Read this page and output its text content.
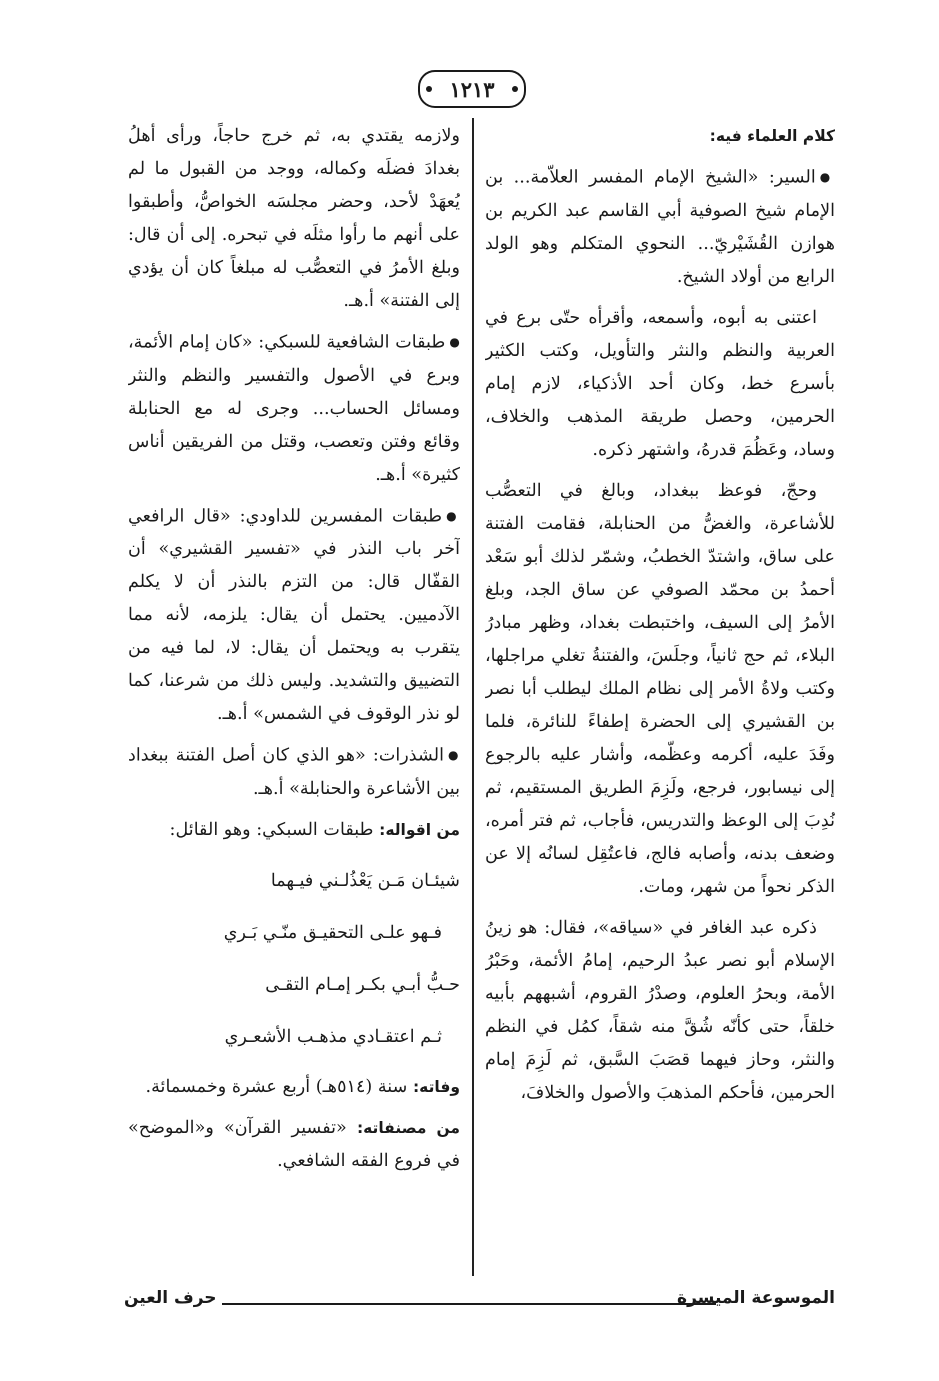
١٢١٣

كلام العلماء فيه:

●السير: «الشيخ الإمام المفسر العلاّمة... بن الإمام شيخ الصوفية أبي القاسم عبد الكريم بن هوازن القُشَيْريّ... النحوي المتكلم وهو الولد الرابع من أولاد الشيخ.

اعتنى به أبوه، وأسمعه، وأقرأه حتّى برع في العربية والنظم والنثر والتأويل، وكتب الكثير بأسرع خط، وكان أحد الأذكياء، لازم إمام الحرمين، وحصل طريقة المذهب والخلاف، وساد، وعَظُمَ قدرهُ، واشتهر ذكره.

وحجّ، فوعظ ببغداد، وبالغ في التعصُّب للأشاعرة، والغضُّ من الحنابلة، فقامت الفتنة على ساق، واشتدّ الخطبُ، وشمّر لذلك أبو سَعْد أحمدُ بن محمّد الصوفي عن ساق الجد، وبلغ الأمرُ إلى السيف، واختبطت بغداد، وظهر مبادرُ البلاء، ثم حج ثانياً، وجلَسَ، والفتنةُ تغلي مراجلها، وكتب ولاةُ الأمر إلى نظام الملك ليطلب أبا نصر بن القشيري إلى الحضرة إطفاءً للنائرة، فلما وفَدَ عليه، أكرمه وعظّمه، وأشار عليه بالرجوع إلى نيسابور، فرجع، ولَزِمَ الطريق المستقيم، ثم نُدِبَ إلى الوعظ والتدريس، فأجاب، ثم فتر أمره، وضعف بدنه، وأصابه فالج، فاعتُقِل لسانُه إلا عن الذكر نحواً من شهر، ومات.

ذكره عبد الغافر في «سياقه»، فقال: هو زينُ الإسلام أبو نصر عبدُ الرحيم، إمامُ الأئمة، وحَبْرُ الأمة، وبحرُ العلوم، وصدْرُ القروم، أشبههم بأبيه خلقاً، حتى كأنّه شُقَّ منه شقاً، كمُل في النظم والنثر، وحاز فيهما قصَبَ السَّبق، ثم لَزِمَ إمام الحرمين، فأحكم المذهبَ والأصول والخلافَ،

ولازمه يقتدي به، ثم خرج حاجاً، ورأى أهلُ بغدادَ فضلَه وكماله، ووجد من القبول ما لم يُعهَدْ لأحد، وحضر مجلسَه الخواصُّ، وأطبقوا على أنهم ما رأوا مثلَه في تبحره. إلى أن قال: وبلغ الأمرُ في التعصُّب له مبلغاً كان أن يؤدي إلى الفتنة» أ.هـ.

●طبقات الشافعية للسبكي: «كان إمام الأئمة، وبرع في الأصول والتفسير والنظم والنثر ومسائل الحساب... وجرى له مع الحنابلة وقائع وفتن وتعصب، وقتل من الفريقين أناس كثيرة» أ.هـ.

●طبقات المفسرين للداودي: «قال الرافعي آخر باب النذر في «تفسير القشيري» أن القفّال قال: من التزم بالنذر أن لا يكلم الآدميين. يحتمل أن يقال: يلزمه، لأنه مما يتقرب به ويحتمل أن يقال: لا، لما فيه من التضييق والتشديد. وليس ذلك من شرعنا، كما لو نذر الوقوف في الشمس» أ.هـ.

●الشذرات: «هو الذي كان أصل الفتنة ببغداد بين الأشاعرة والحنابلة» أ.هـ.

من اقواله: طبقات السبكي: وهو القائل:

شيئـان مَـن يَعْذُلـني فيـهما
فـهو علـى التحقيـق منّـي بَـري
حـبُّ أبـي بكـر إمـام التقـى
ثـم اعتقـادي مذهـب الأشعـري

وفاته: سنة (٥١٤هـ) أربع عشرة وخمسمائة.

من مصنفاته: «تفسير القرآن» و«الموضح» في فروع الفقه الشافعي.

الموسوعة الميسرة
حرف العين
